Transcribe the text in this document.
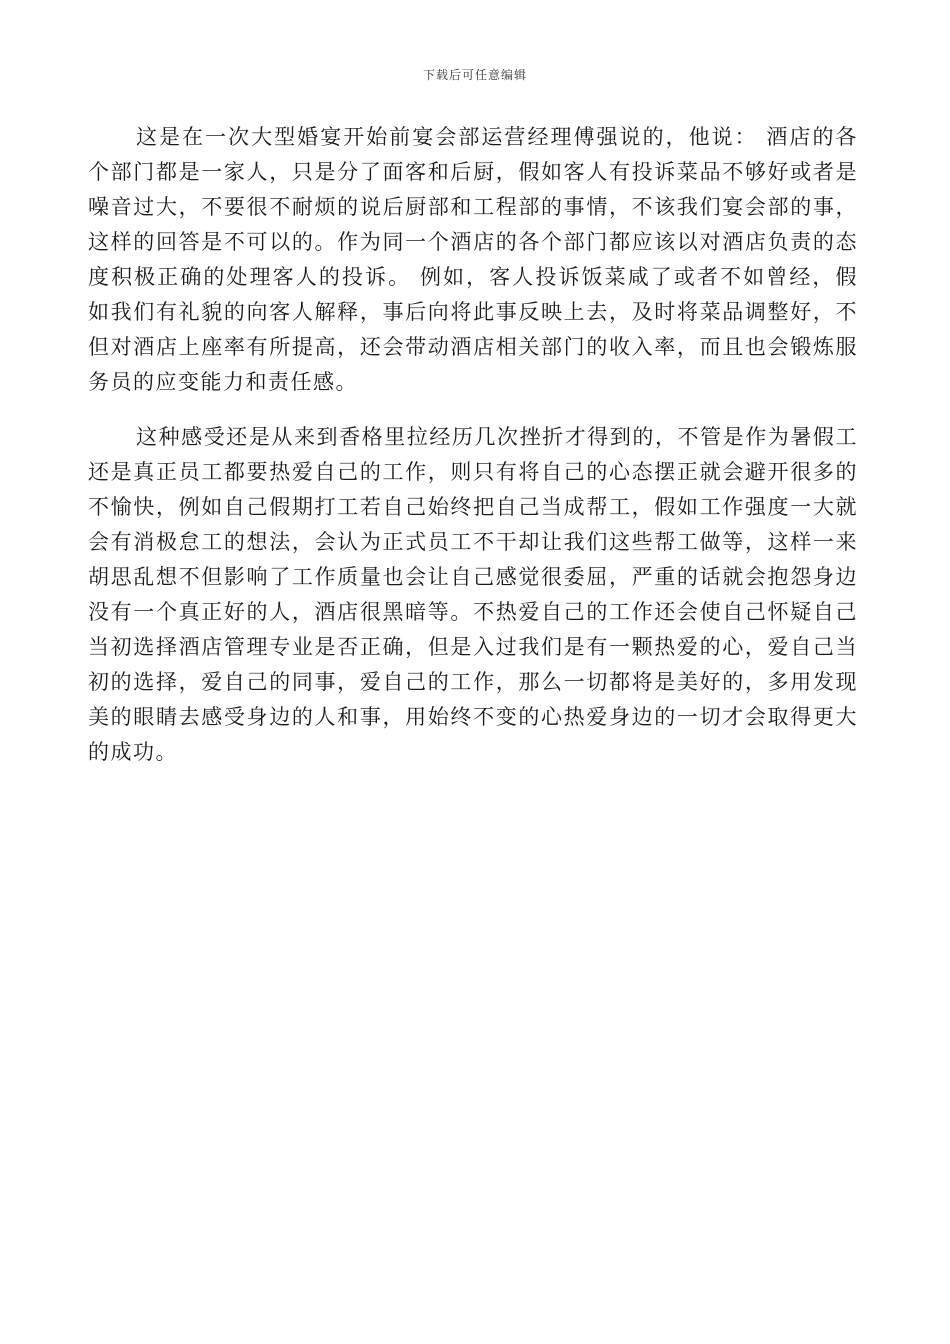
下载后可任意编辑

这是在一次大型婚宴开始前宴会部运营经理傅强说的，他说： 酒店的各个部门都是一家人，只是分了面客和后厨，假如客人有投诉菜品不够好或者是噪音过大，不要很不耐烦的说后厨部和工程部的事情，不该我们宴会部的事，这样的回答是不可以的。作为同一个酒店的各个部门都应该以对酒店负责的态度积极正确的处理客人的投诉。 例如，客人投诉饭菜咸了或者不如曾经，假如我们有礼貌的向客人解释，事后向将此事反映上去，及时将菜品调整好，不但对酒店上座率有所提高，还会带动酒店相关部门的收入率，而且也会锻炼服务员的应变能力和责任感。

这种感受还是从来到香格里拉经历几次挫折才得到的，不管是作为暑假工还是真正员工都要热爱自己的工作，则只有将自己的心态摆正就会避开很多的不愉快，例如自己假期打工若自己始终把自己当成帮工，假如工作强度一大就会有消极怠工的想法，会认为正式员工不干却让我们这些帮工做等，这样一来胡思乱想不但影响了工作质量也会让自己感觉很委屈，严重的话就会抱怨身边没有一个真正好的人，酒店很黑暗等。不热爱自己的工作还会使自己怀疑自己当初选择酒店管理专业是否正确，但是入过我们是有一颗热爱的心，爱自己当初的选择，爱自己的同事，爱自己的工作，那么一切都将是美好的，多用发现美的眼睛去感受身边的人和事，用始终不变的心热爱身边的一切才会取得更大的成功。
